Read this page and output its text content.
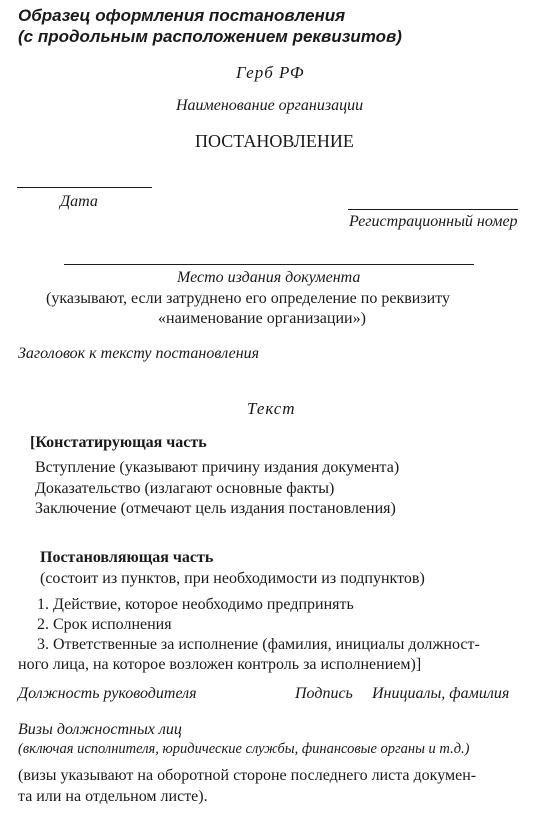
Образец оформления постановления
(с продольным расположением реквизитов)
Герб РФ
Наименование организации
ПОСТАНОВЛЕНИЕ
Дата
Регистрационный номер
Место издания документа
(указывают, если затруднено его определение по реквизиту
«наименование организации»)
Заголовок к тексту постановления
Текст
[Констатирующая часть
Вступление (указывают причину издания документа)
Доказательство (излагают основные факты)
Заключение (отмечают цель издания постановления)
Постановляющая часть
(состоит из пунктов, при необходимости из подпунктов)
1. Действие, которое необходимо предпринять
2. Срок исполнения
3. Ответственные за исполнение (фамилия, инициалы должност-
ного лица, на которое возложен контроль за исполнением)]
Должность руководителя	Подпись Инициалы, фамилия
Визы должностных лиц
(включая исполнителя, юридические службы, финансовые органы и т.д.)
(визы указывают на оборотной стороне последнего листа докумен-
та или на отдельном листе).
